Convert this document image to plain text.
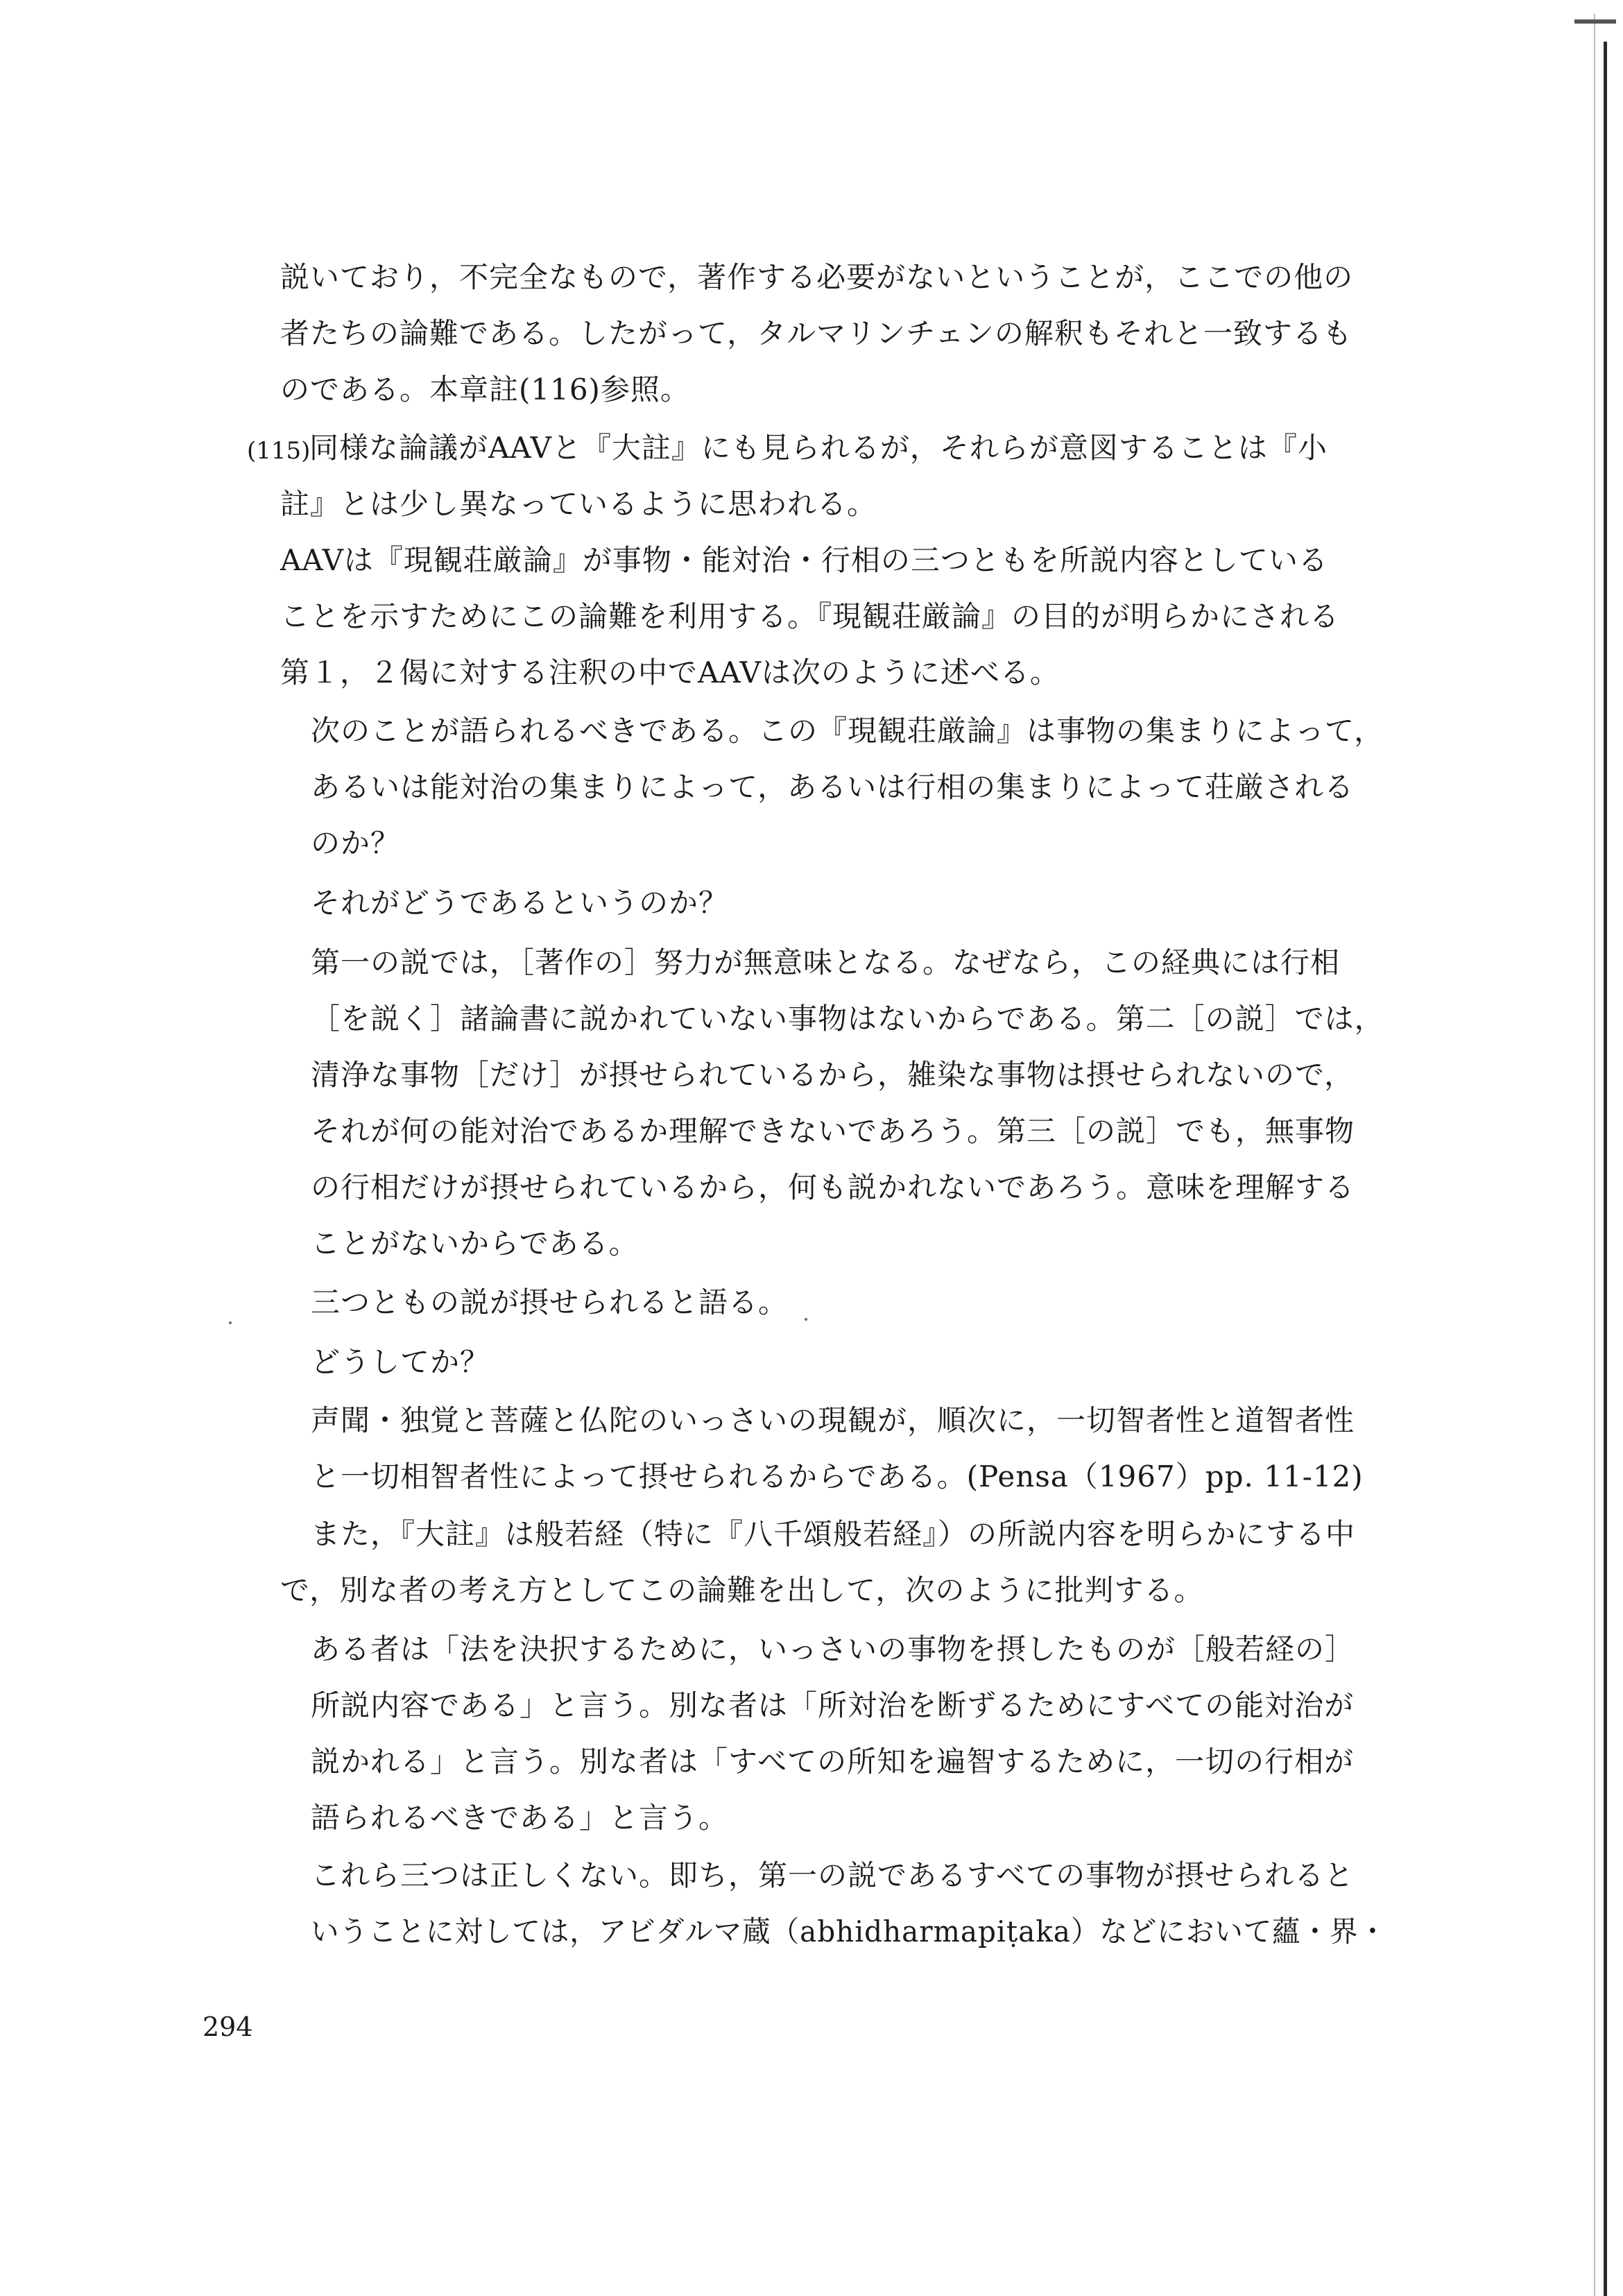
説いており，不完全なもので，著作する必要がないということが，ここでの他の
者たちの論難である。したがって，タルマリンチェンの解釈もそれと一致するも
のである。本章註(116)参照。
(115)
同様な論議がAAVと『大註』にも見られるが，それらが意図することは『小
註』とは少し異なっているように思われる。
AAVは『現観荘厳論』が事物・能対治・行相の三つともを所説内容としている
ことを示すためにこの論難を利用する。『現観荘厳論』の目的が明らかにされる
第１，２偈に対する注釈の中でAAVは次のように述べる。
次のことが語られるべきである。この『現観荘厳論』は事物の集まりによって，
あるいは能対治の集まりによって，あるいは行相の集まりによって荘厳される
のか？
それがどうであるというのか？
第一の説では，［著作の］努力が無意味となる。なぜなら，この経典には行相
［を説く］諸論書に説かれていない事物はないからである。第二［の説］では，
清浄な事物［だけ］が摂せられているから，雑染な事物は摂せられないので，
それが何の能対治であるか理解できないであろう。第三［の説］でも，無事物
の行相だけが摂せられているから，何も説かれないであろう。意味を理解する
ことがないからである。
三つともの説が摂せられると語る。
どうしてか？
声聞・独覚と菩薩と仏陀のいっさいの現観が，順次に，一切智者性と道智者性
と一切相智者性によって摂せられるからである。(Pensa（1967）pp. 11-12)
また，『大註』は般若経（特に『八千頌般若経』）の所説内容を明らかにする中
で，別な者の考え方としてこの論難を出して，次のように批判する。
ある者は「法を決択するために，いっさいの事物を摂したものが［般若経の］
所説内容である」と言う。別な者は「所対治を断ずるためにすべての能対治が
説かれる」と言う。別な者は「すべての所知を遍智するために，一切の行相が
語られるべきである」と言う。
これら三つは正しくない。即ち，第一の説であるすべての事物が摂せられると
いうことに対しては，アビダルマ蔵（abhidharmapiṭaka）などにおいて蘊・界・
294
